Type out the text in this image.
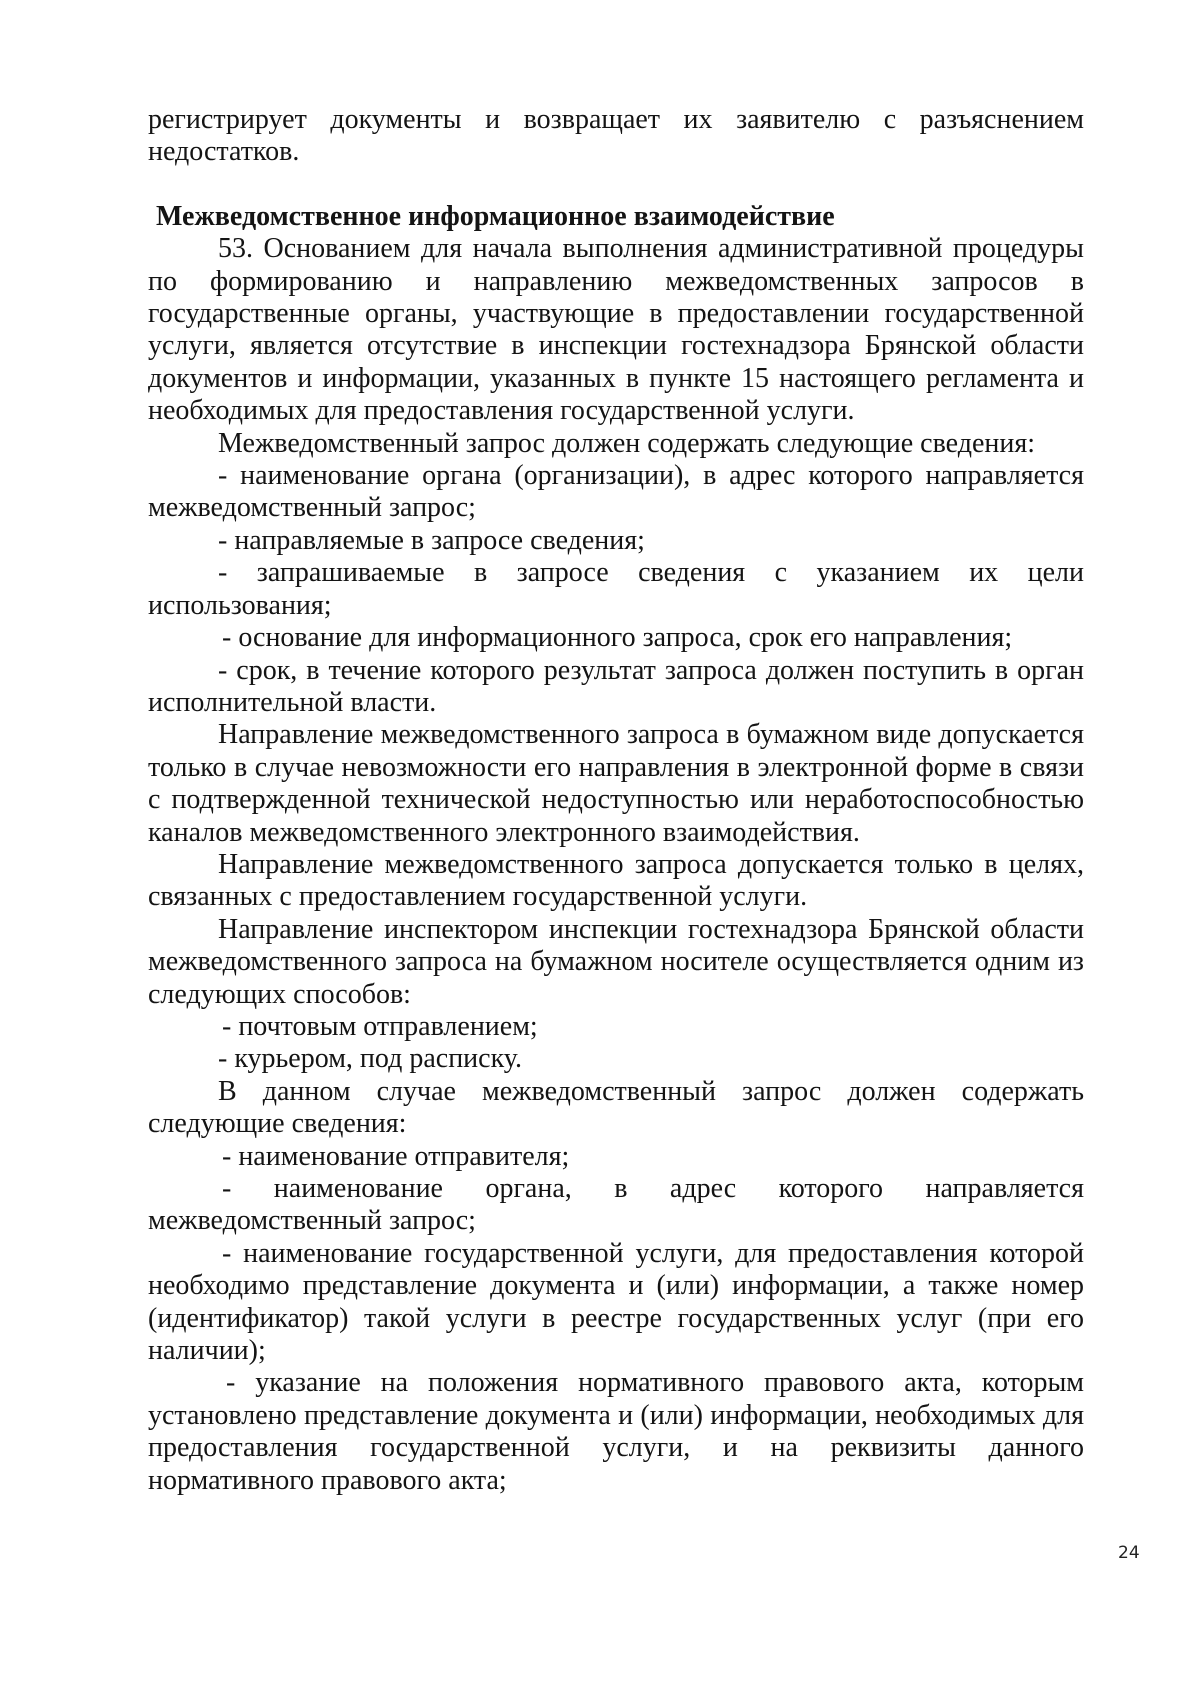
регистрирует документы и возвращает их заявителю с разъяснением недостатков.

Межведомственное информационное взаимодействие

53. Основанием для начала выполнения административной процедуры по формированию и направлению межведомственных запросов в государственные органы, участвующие в предоставлении государственной услуги, является отсутствие в инспекции гостехнадзора Брянской области документов и информации, указанных в пункте 15 настоящего регламента и необходимых для предоставления государственной услуги.

Межведомственный запрос должен содержать следующие сведения:

- наименование органа (организации), в адрес которого направляется межведомственный запрос;

- направляемые в запросе сведения;

- запрашиваемые в запросе сведения с указанием их цели использования;

- основание для информационного запроса, срок его направления;

- срок, в течение которого результат запроса должен поступить в орган исполнительной власти.

Направление межведомственного запроса в бумажном виде допускается только в случае невозможности его направления в электронной форме в связи с подтвержденной технической недоступностью или неработоспособностью каналов межведомственного электронного взаимодействия.

Направление межведомственного запроса допускается только в целях, связанных с предоставлением государственной услуги.

Направление инспектором инспекции гостехнадзора Брянской области межведомственного запроса на бумажном носителе осуществляется одним из следующих способов:

- почтовым отправлением;

- курьером, под расписку.

В данном случае межведомственный запрос должен содержать следующие сведения:

- наименование отправителя;

- наименование органа, в адрес которого направляется межведомственный запрос;

- наименование государственной услуги, для предоставления которой необходимо представление документа и (или) информации, а также номер (идентификатор) такой услуги в реестре государственных услуг (при его наличии);

- указание на положения нормативного правового акта, которым установлено представление документа и (или) информации, необходимых для предоставления государственной услуги, и на реквизиты данного нормативного правового акта;

24
